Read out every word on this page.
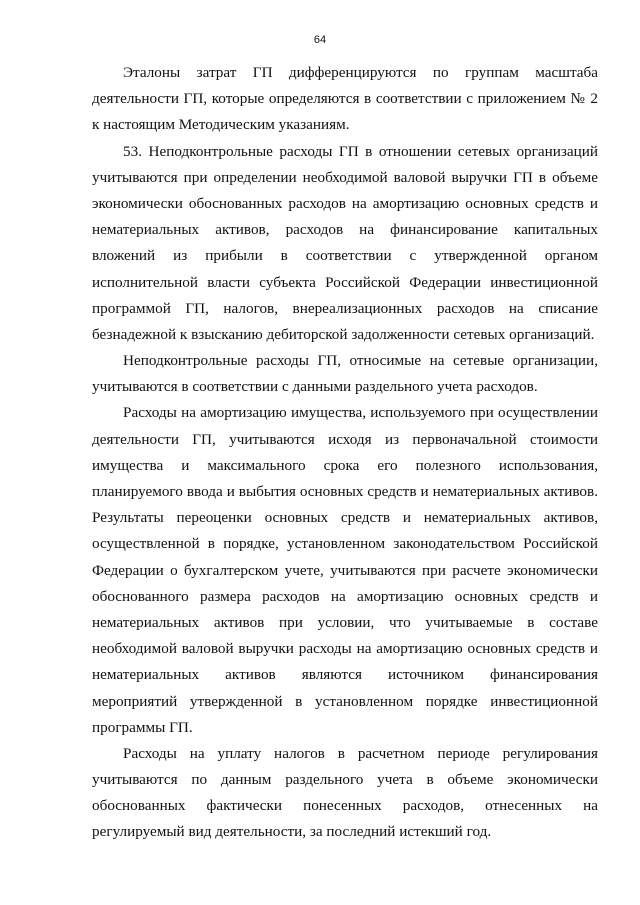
64

Эталоны затрат ГП дифференцируются по группам масштаба
деятельности ГП, которые определяются в соответствии с приложением № 2
к настоящим Методическим указаниям.

53. Неподконтрольные расходы ГП в отношении сетевых организаций
учитываются при определении необходимой валовой выручки ГП в объеме
экономически обоснованных расходов на амортизацию основных средств и
нематериальных активов, расходов на финансирование капитальных
вложений из прибыли в соответствии с утвержденной органом
исполнительной власти субъекта Российской Федерации инвестиционной
программой ГП, налогов, внереализационных расходов на списание
безнадежной к взысканию дебиторской задолженности сетевых организаций.

Неподконтрольные расходы ГП, относимые на сетевые организации,
учитываются в соответствии с данными раздельного учета расходов.

Расходы на амортизацию имущества, используемого при осуществлении
деятельности ГП, учитываются исходя из первоначальной стоимости
имущества и максимального срока его полезного использования,
планируемого ввода и выбытия основных средств и нематериальных активов.
Результаты переоценки основных средств и нематериальных активов,
осуществленной в порядке, установленном законодательством Российской
Федерации о бухгалтерском учете, учитываются при расчете экономически
обоснованного размера расходов на амортизацию основных средств и
нематериальных активов при условии, что учитываемые в составе
необходимой валовой выручки расходы на амортизацию основных средств и
нематериальных активов являются источником финансирования
мероприятий утвержденной в установленном порядке инвестиционной
программы ГП.

Расходы на уплату налогов в расчетном периоде регулирования
учитываются по данным раздельного учета в объеме экономически
обоснованных фактически понесенных расходов, отнесенных на
регулируемый вид деятельности, за последний истекший год.
